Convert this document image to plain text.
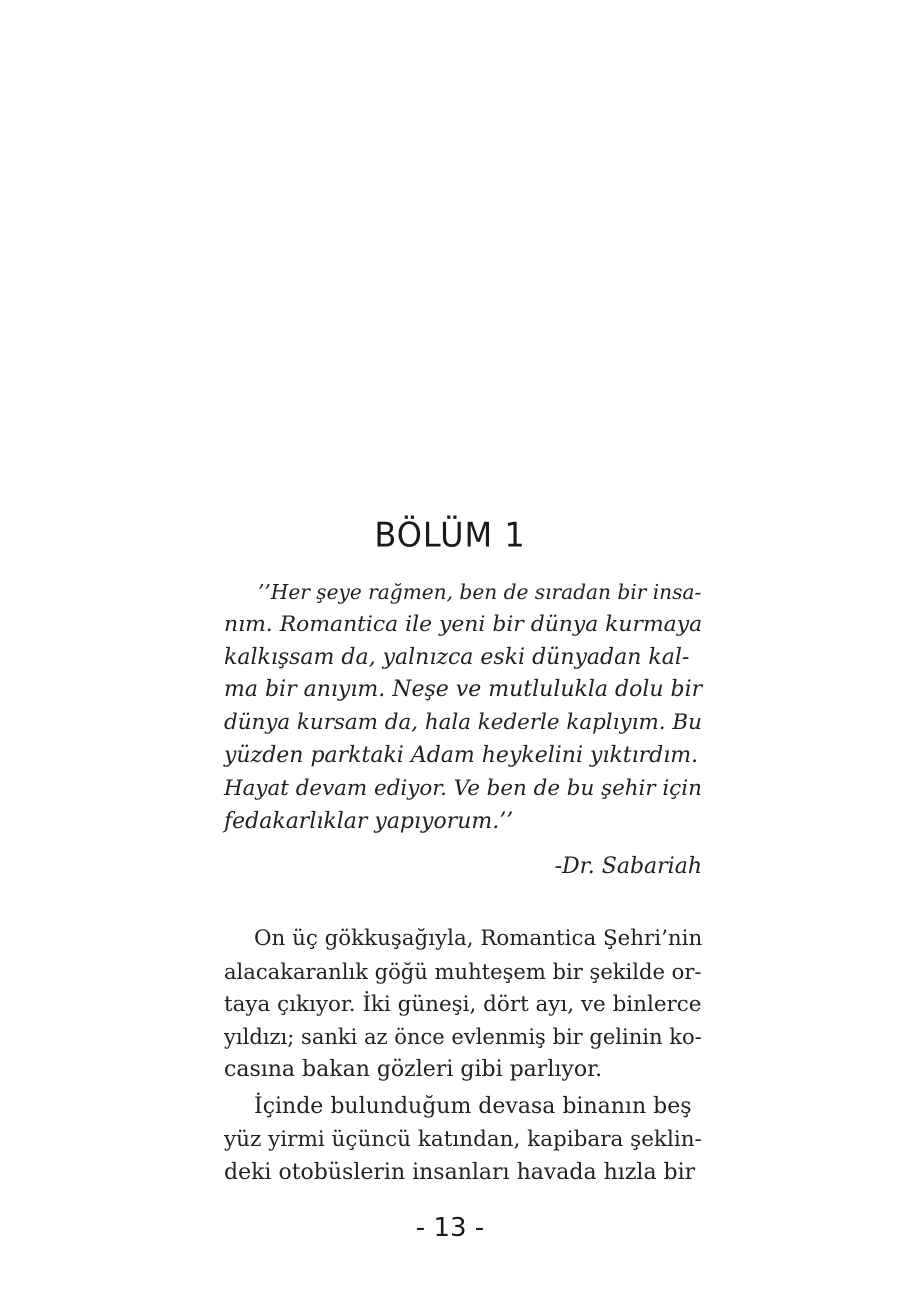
BÖLÜM 1
’’Her şeye rağmen, ben de sıradan bir insa-
nım. Romantica ile yeni bir dünya kurmaya
kalkışsam da, yalnızca eski dünyadan kal-
ma bir anıyım. Neşe ve mutlulukla dolu bir
dünya kursam da, hala kederle kaplıyım. Bu
yüzden parktaki Adam heykelini yıktırdım.
Hayat devam ediyor. Ve ben de bu şehir için
fedakarlıklar yapıyorum.’’

-Dr. Sabariah

On üç gökkuşağıyla, Romantica Şehri’nin
alacakaranlık göğü muhteşem bir şekilde or-
taya çıkıyor. İki güneşi, dört ayı, ve binlerce
yıldızı; sanki az önce evlenmiş bir gelinin ko-
casına bakan gözleri gibi parlıyor.
İçinde bulunduğum devasa binanın beş
yüz yirmi üçüncü katından, kapibara şeklin-
deki otobüslerin insanları havada hızla bir

- 13 -
